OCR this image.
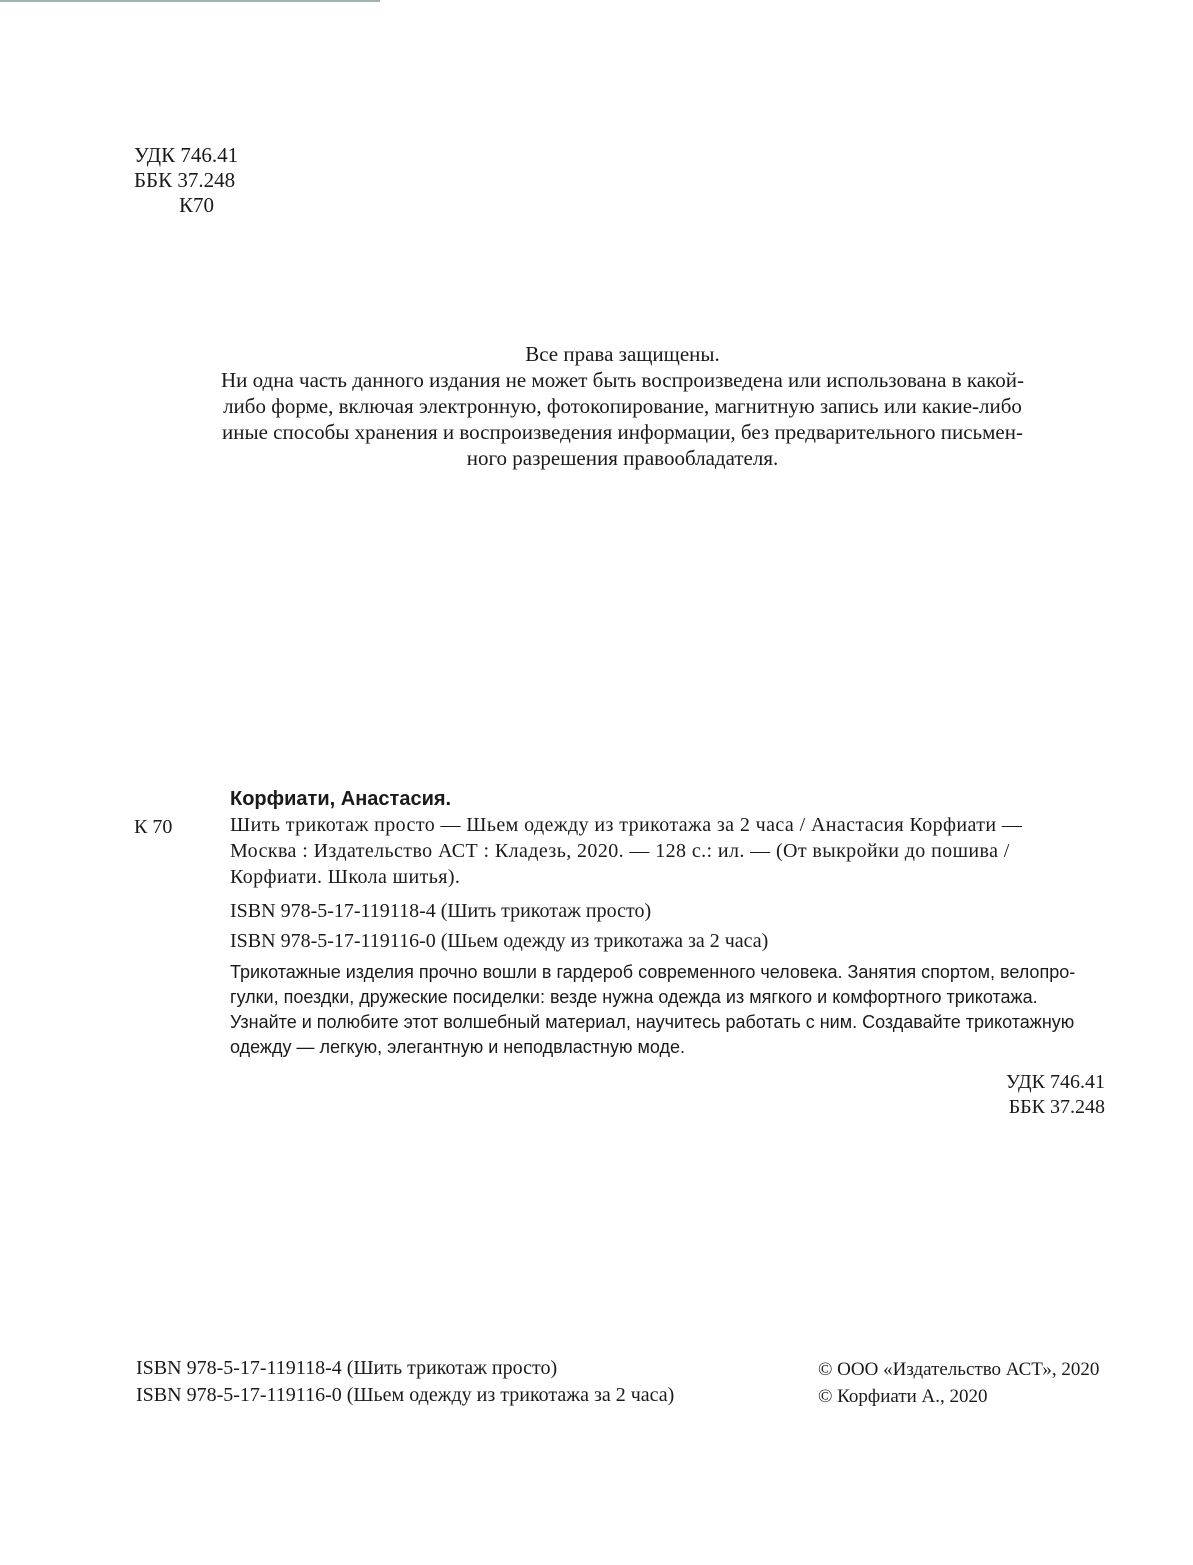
УДК 746.41
ББК 37.248
К70
Все права защищены.
Ни одна часть данного издания не может быть воспроизведена или использована в какой-
либо форме, включая электронную, фотокопирование, магнитную запись или какие-либо
иные способы хранения и воспроизведения информации, без предварительного письмен-
ного разрешения правообладателя.
К 70
Корфиати, Анастасия.
Шить трикотаж просто — Шьем одежду из трикотажа за 2 часа / Анастасия Корфиати —
Москва : Издательство АСТ : Кладезь, 2020. — 128 с.: ил. — (От выкройки до пошива /
Корфиати. Школа шитья).
ISBN 978-5-17-119118-4 (Шить трикотаж просто)
ISBN 978-5-17-119116-0 (Шьем одежду из трикотажа за 2 часа)
Трикотажные изделия прочно вошли в гардероб современного человека. Занятия спортом, велопро-
гулки, поездки, дружеские посиделки: везде нужна одежда из мягкого и комфортного трикотажа.
Узнайте и полюбите этот волшебный материал, научитесь работать с ним. Создавайте трикотажную
одежду — легкую, элегантную и неподвластную моде.
УДК 746.41
ББК 37.248
ISBN 978-5-17-119118-4 (Шить трикотаж просто)
ISBN 978-5-17-119116-0 (Шьем одежду из трикотажа за 2 часа)
© ООО «Издательство АСТ», 2020
© Корфиати А., 2020
